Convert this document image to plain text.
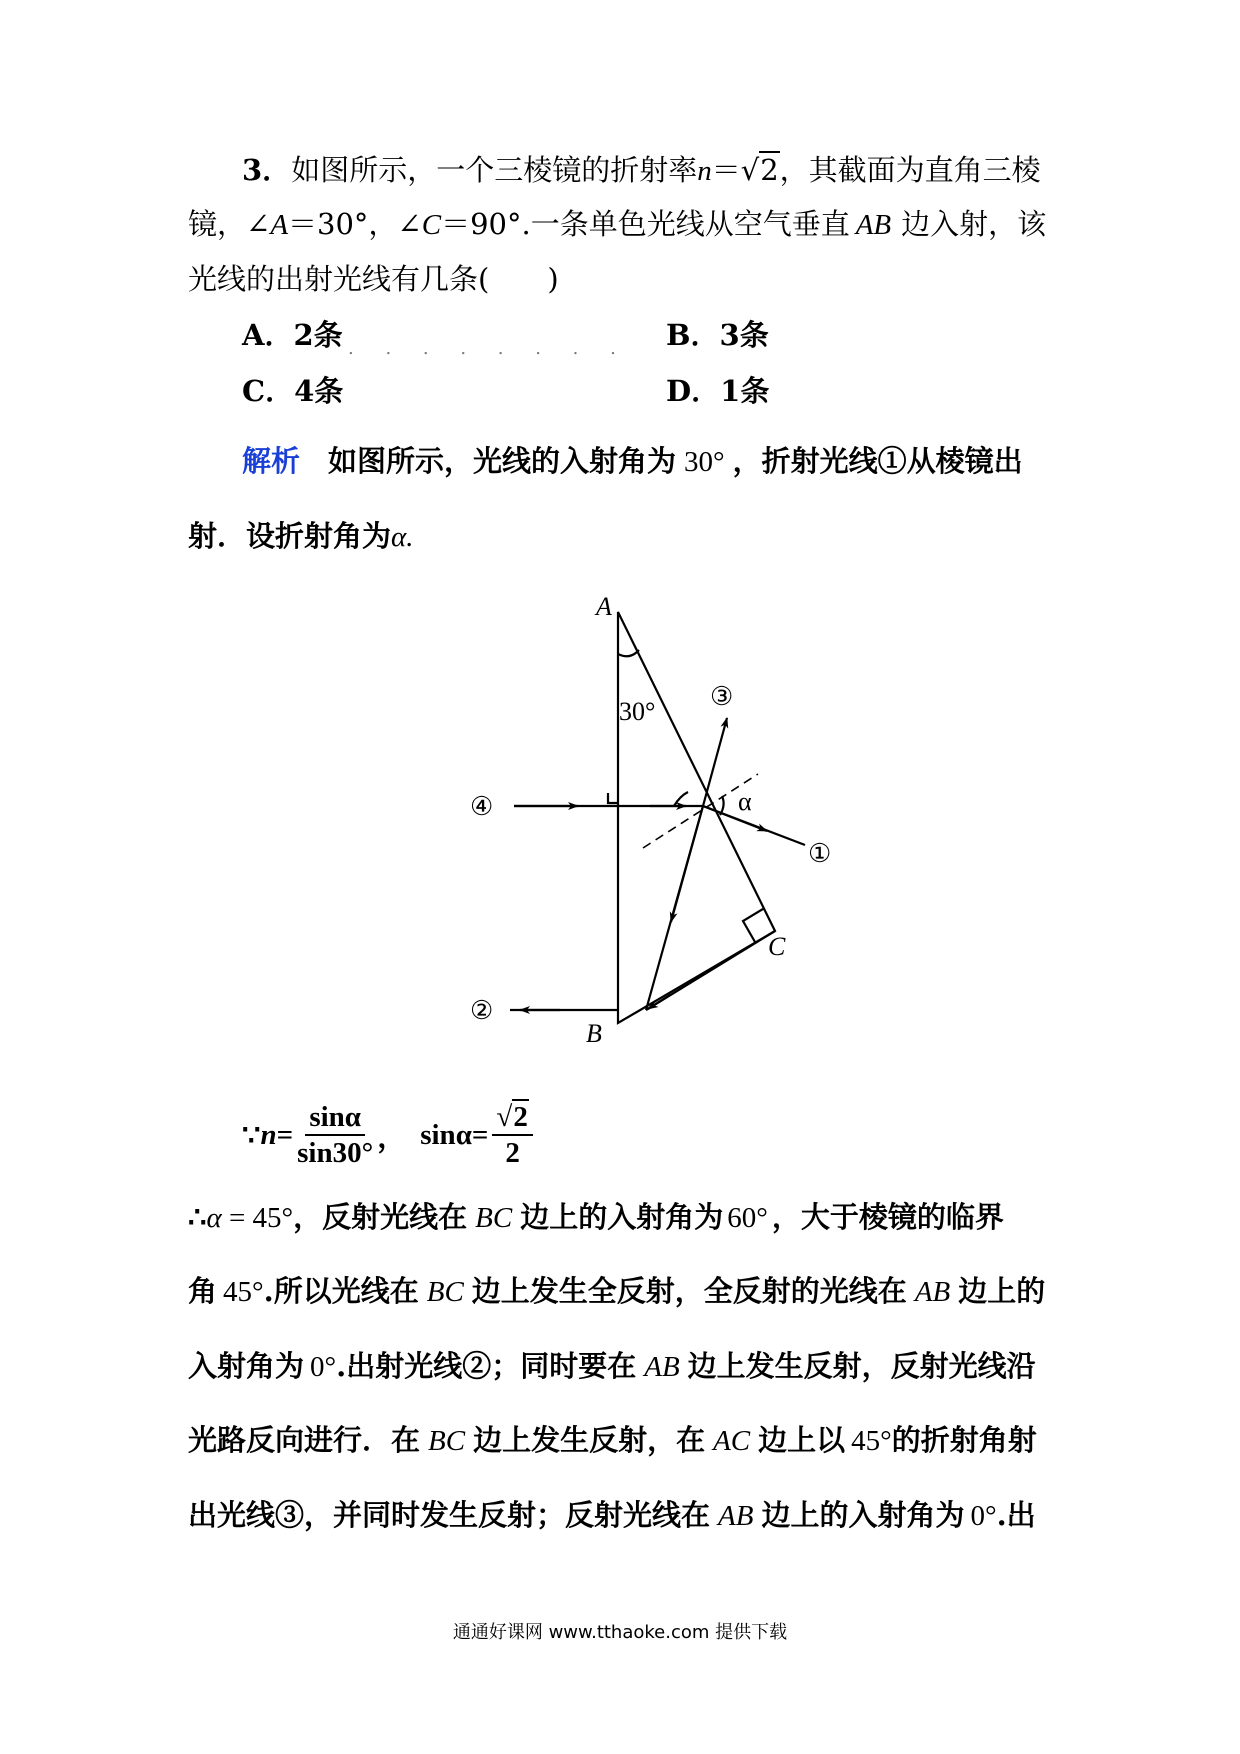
3．如图所示，一个三棱镜的折射率n＝√2，其截面为直角三棱
镜，∠A＝30°，∠C＝90°.一条单色光线从空气垂直 AB 边入射，该
光线的出射光线有几条(　　)
A．2条 . . . . . . . . B．3条
C．4条	D．1条
解析 如图所示，光线的入射角为 30° ，折射光线①从棱镜出
射．设折射角为α.
A
B
C
30°
α
①
②
③
④
∵ $n = \frac{\sin\alpha}{\sin 30^\circ}$ ， $\sin\alpha = \frac{√2}{2}$
∴α = 45°，反射光线在 BC 边上的入射角为 60° ，大于棱镜的临界
角 45°.所以光线在 BC 边上发生全反射，全反射的光线在 AB 边上的
入射角为 0°.出射光线②；同时要在 AB 边上发生反射，反射光线沿
光路反向进行．在 BC 边上发生反射，在 AC 边上以 45°的折射角射
出光线③，并同时发生反射；反射光线在 AB 边上的入射角为 0°.出
通通好课网 www.tthaoke.com 提供下载
